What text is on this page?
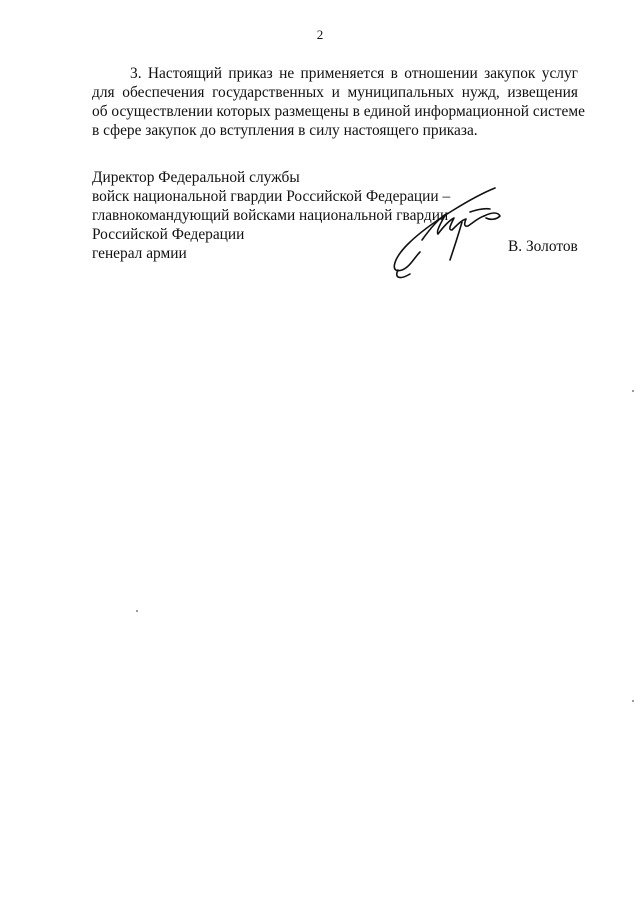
2
3. Настоящий приказ не применяется в отношении закупок услуг
для обеспечения государственных и муниципальных нужд, извещения
об осуществлении которых размещены в единой информационной системе
в сфере закупок до вступления в силу настоящего приказа.
Директор Федеральной службы
войск национальной гвардии Российской Федерации –
главнокомандующий войсками национальной гвардии
Российской Федерации
генерал армии	В. Золотов
